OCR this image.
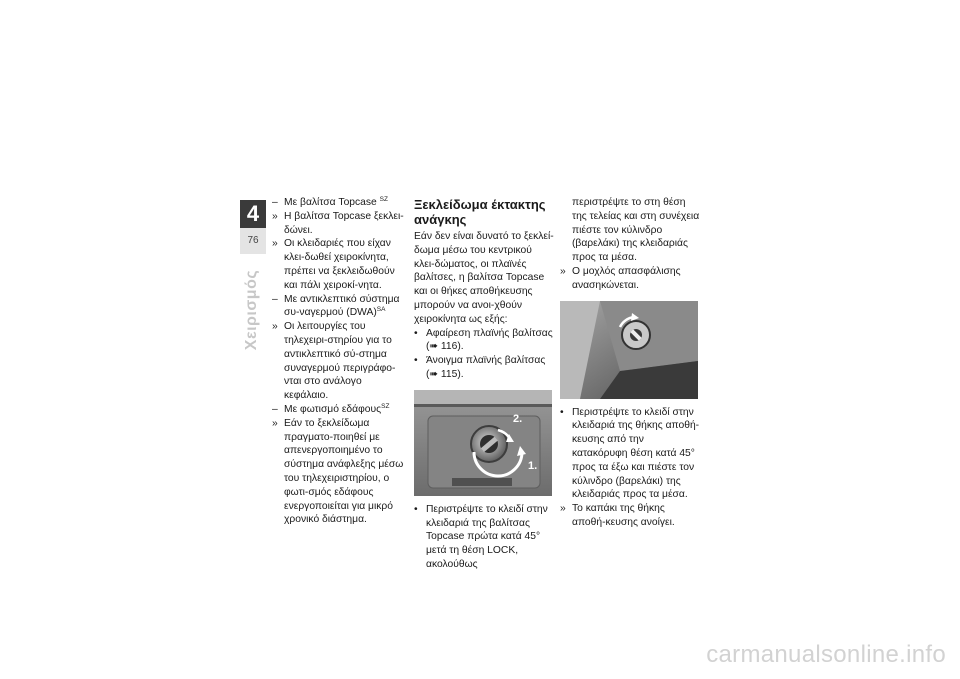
4
76
Χειρισμός
– Με βαλίτσα Topcase $^{SZ}$
» Η βαλίτσα Topcase ξεκλει-δώνει.
» Οι κλειδαριές που είχαν κλει-δωθεί χειροκίνητα, πρέπει να ξεκλειδωθούν και πάλι χειροκί-νητα.
– Με αντικλεπτικό σύστημα συ-ναγερμού (DWA)$^{SA}$
» Οι λειτουργίες του τηλεχειρι-στηρίου για το αντικλεπτικό σύ-στημα συναγερμού περιγράφο-νται στο ανάλογο κεφάλαιο.
– Με φωτισμό εδάφους$^{SZ}$
» Εάν το ξεκλείδωμα πραγματο-ποιηθεί με απενεργοποιημένο το σύστημα ανάφλεξης μέσω του τηλεχειριστηρίου, ο φωτι-σμός εδάφους ενεργοποιείται για μικρό χρονικό διάστημα.
Ξεκλείδωμα έκτακτης ανάγκης

Εάν δεν είναι δυνατό το ξεκλεί-δωμα μέσω του κεντρικού κλει-δώματος, οι πλαϊνές βαλίτσες, η βαλίτσα Topcase και οι θήκες αποθήκευσης μπορούν να ανοι-χθούν χειροκίνητα ως εξής:

• Αφαίρεση πλαϊνής βαλίτσας (➠ 116).
• Άνοιγμα πλαϊνής βαλίτσας (➠ 115).
2.
1.
• Περιστρέψτε το κλειδί στην κλειδαριά της βαλίτσας Topcase πρώτα κατά 45° μετά τη θέση LOCK, ακολούθως
περιστρέψτε το στη θέση της τελείας και στη συνέχεια πιέστε τον κύλινδρο (βαρελάκι) της κλειδαριάς προς τα μέσα.
» Ο μοχλός απασφάλισης ανασηκώνεται.
• Περιστρέψτε το κλειδί στην κλειδαριά της θήκης αποθή-κευσης από την κατακόρυφη θέση κατά 45° προς τα έξω και πιέστε τον κύλινδρο (βαρελάκι) της κλειδαριάς προς τα μέσα.
» Το καπάκι της θήκης αποθή-κευσης ανοίγει.
carmanualsonline.info
